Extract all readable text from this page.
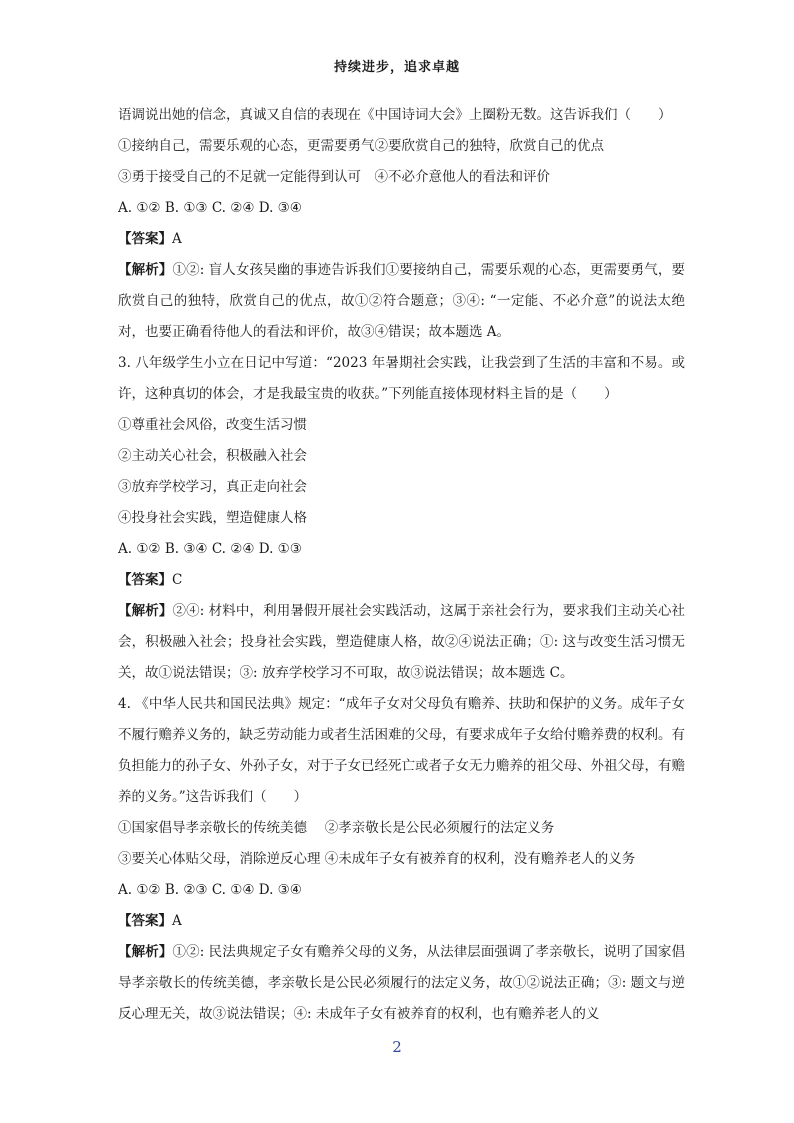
持续进步，追求卓越
语调说出她的信念，真诚又自信的表现在《中国诗词大会》上圈粉无数。这告诉我们（　　）
①接纳自己，需要乐观的心态，更需要勇气②要欣赏自己的独特，欣赏自己的优点
③勇于接受自己的不足就一定能得到认可　④不必介意他人的看法和评价
A. ①② B. ①③ C. ②④ D. ③④
【答案】A
【解析】①②: 盲人女孩吴幽的事迹告诉我们①要接纳自己，需要乐观的心态，更需要勇气，要欣赏自己的独特，欣赏自己的优点，故①②符合题意；③④: “一定能、不必介意”的说法太绝对，也要正确看待他人的看法和评价，故③④错误；故本题选 A。
3. 八年级学生小立在日记中写道：“2023 年暑期社会实践，让我尝到了生活的丰富和不易。或许，这种真切的体会，才是我最宝贵的收获。”下列能直接体现材料主旨的是（　　）
①尊重社会风俗，改变生活习惯
②主动关心社会，积极融入社会
③放弃学校学习，真正走向社会
④投身社会实践，塑造健康人格
A. ①② B. ③④ C. ②④ D. ①③
【答案】C
【解析】②④: 材料中，利用暑假开展社会实践活动，这属于亲社会行为，要求我们主动关心社会，积极融入社会；投身社会实践，塑造健康人格，故②④说法正确；①: 这与改变生活习惯无关，故①说法错误；③: 放弃学校学习不可取，故③说法错误；故本题选 C。
4. 《中华人民共和国民法典》规定：“成年子女对父母负有赡养、扶助和保护的义务。成年子女不履行赡养义务的，缺乏劳动能力或者生活困难的父母，有要求成年子女给付赡养费的权利。有负担能力的孙子女、外孙子女，对于子女已经死亡或者子女无力赡养的祖父母、外祖父母，有赡养的义务。”这告诉我们（　　）
①国家倡导孝亲敬长的传统美德　 ②孝亲敬长是公民必须履行的法定义务
③要关心体贴父母，消除逆反心理 ④未成年子女有被养育的权利，没有赡养老人的义务
A. ①② B. ②③ C. ①④ D. ③④
【答案】A
【解析】①②: 民法典规定子女有赡养父母的义务，从法律层面强调了孝亲敬长，说明了国家倡导孝亲敬长的传统美德，孝亲敬长是公民必须履行的法定义务，故①②说法正确；③: 题文与逆反心理无关，故③说法错误；④: 未成年子女有被养育的权利，也有赡养老人的义
2
